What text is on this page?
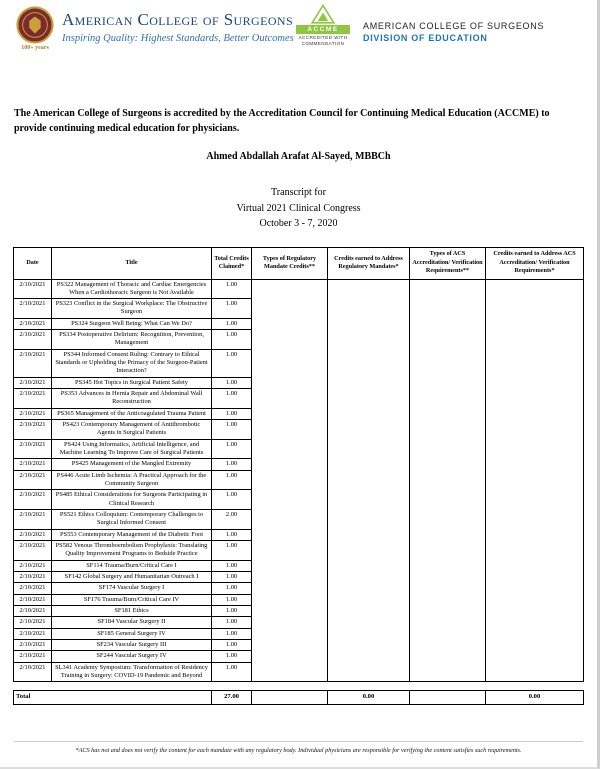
100+ years
American College of Surgeons
Inspiring Quality: Highest Standards, Better Outcomes
ACCME
ACCREDITED WITH
COMMENDATION
AMERICAN COLLEGE OF SURGEONS
DIVISION OF EDUCATION

The American College of Surgeons is accredited by the Accreditation Council for Continuing Medical Education (ACCME) to provide continuing medical education for physicians.

Ahmed Abdallah Arafat Al-Sayed, MBBCh

Transcript for
Virtual 2021 Clinical Congress
October 3 - 7, 2020
Date	Title	Total Credits Claimed*	Types of Regulatory Mandate Credits**	Credits earned to Address Regulatory Mandates*	Types of ACS Accreditation/ Verification Requirements**	Credits earned to Address ACS Accreditation/ Verification Requirements*
2/10/2021	PS322 Management of Thoracic and Cardiac Emergencies When a Cardiothoracic Surgeon is Not Available	1.00				
2/10/2021	PS323 Conflict in the Surgical Workplace: The Obstructive Surgeon	1.00				
2/10/2021	PS324 Surgeon Well Being: What Can We Do?	1.00				
2/10/2021	PS334 Postoperative Delirium: Recognition, Prevention, Management	1.00				
2/10/2021	PS344 Informed Consent Ruling: Contrary to Ethical Standards or Upholding the Primacy of the Surgeon-Patient Interaction?	1.00				
2/10/2021	PS345 Hot Topics in Surgical Patient Safety	1.00				
2/10/2021	PS353 Advances in Hernia Repair and Abdominal Wall Reconstruction	1.00				
2/10/2021	PS365 Management of the Anticoagulated Trauma Patient	1.00				
2/10/2021	PS423 Contemporary Management of Antithrombotic Agents in Surgical Patients	1.00				
2/10/2021	PS424 Using Informatics, Artificial Intelligence, and Machine Learning To Improve Care of Surgical Patients	1.00				
2/10/2021	PS425 Management of the Mangled Extremity	1.00				
2/10/2021	PS446 Acute Limb Ischemia: A Practical Approach for the Community Surgeon	1.00				
2/10/2021	PS485 Ethical Considerations for Surgeons Participating in Clinical Research	1.00				
2/10/2021	PS521 Ethics Colloquium: Contemporary Challenges to Surgical Informed Consent	2.00				
2/10/2021	PS553 Contemporary Management of the Diabetic Foot	1.00				
2/10/2021	PS582 Venous Thromboembolism Prophylaxis: Translating Quality Improvement Programs to Bedside Practice	1.00				
2/10/2021	SF114 Trauma/Burn/Critical Care I	1.00				
2/10/2021	SF142 Global Surgery and Humanitarian Outreach I	1.00				
2/10/2021	SF174 Vascular Surgery I	1.00				
2/10/2021	SF176 Trauma/Burn/Critical Care IV	1.00				
2/10/2021	SF181 Ethics	1.00				
2/10/2021	SF184 Vascular Surgery II	1.00				
2/10/2021	SF185 General Surgery IV	1.00				
2/10/2021	SF234 Vascular Surgery III	1.00				
2/10/2021	SF244 Vascular Surgery IV	1.00				
2/10/2021	SL341 Academy Symposium: Transformation of Residency Training in Surgery: COVID-19 Pandemic and Beyond	1.00				

Total		27.00		0.00		0.00

*ACS has not and does not verify the content for each mandate with any regulatory body. Individual physicians are responsible for verifying the content satisfies such requirements.
